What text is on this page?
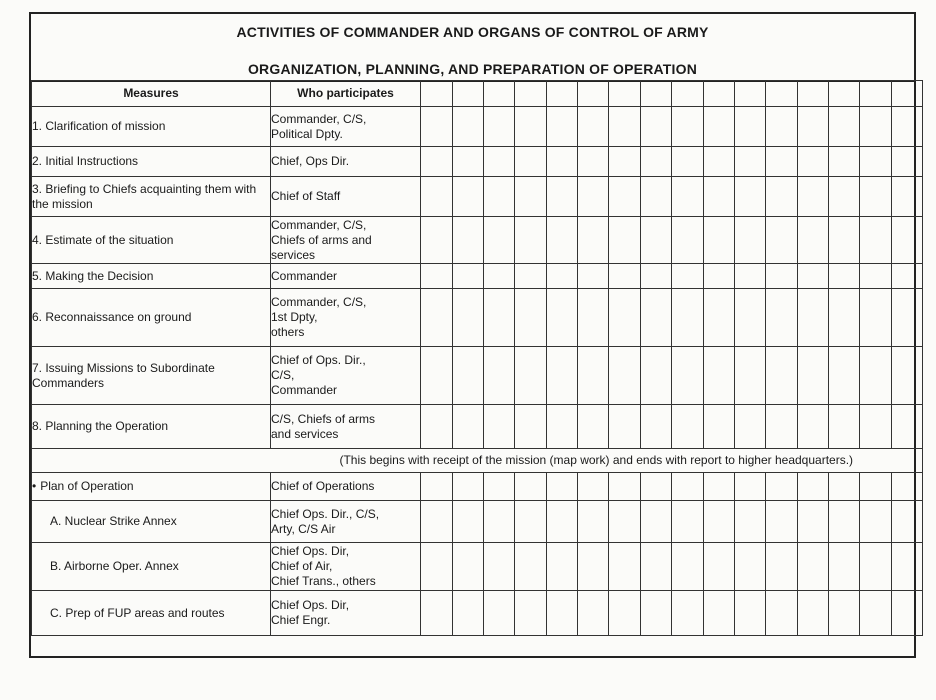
ACTIVITIES OF COMMANDER AND ORGANS OF CONTROL OF ARMY
ORGANIZATION, PLANNING, AND PREPARATION OF OPERATION
Measures	Who participates																
1. Clarification of mission	Commander, C/S,
Political Dpty.																

2. Initial Instructions	Chief, Ops Dir.																

3. Briefing to Chiefs acquainting them with the mission	Chief of Staff																

4. Estimate of the situation	Commander, C/S,
Chiefs of arms and
services																

5. Making the Decision	Commander																

6. Reconnaissance on ground	Commander, C/S,
1st Dpty,
others																

7. Issuing Missions to Subordinate Commanders	Chief of Ops. Dir.,
C/S,
Commander																

8. Planning the Operation	C/S, Chiefs of arms
and services																

	(This begins with receipt of the mission (map work) and ends with report to higher headquarters.)																
• Plan of Operation	Chief of Operations																

A. Nuclear Strike Annex	Chief Ops. Dir., C/S,
Arty, C/S Air																

B. Airborne Oper. Annex	Chief Ops. Dir,
Chief of Air,
Chief Trans., others																

C. Prep of FUP areas and routes	Chief Ops. Dir,
Chief Engr.																
